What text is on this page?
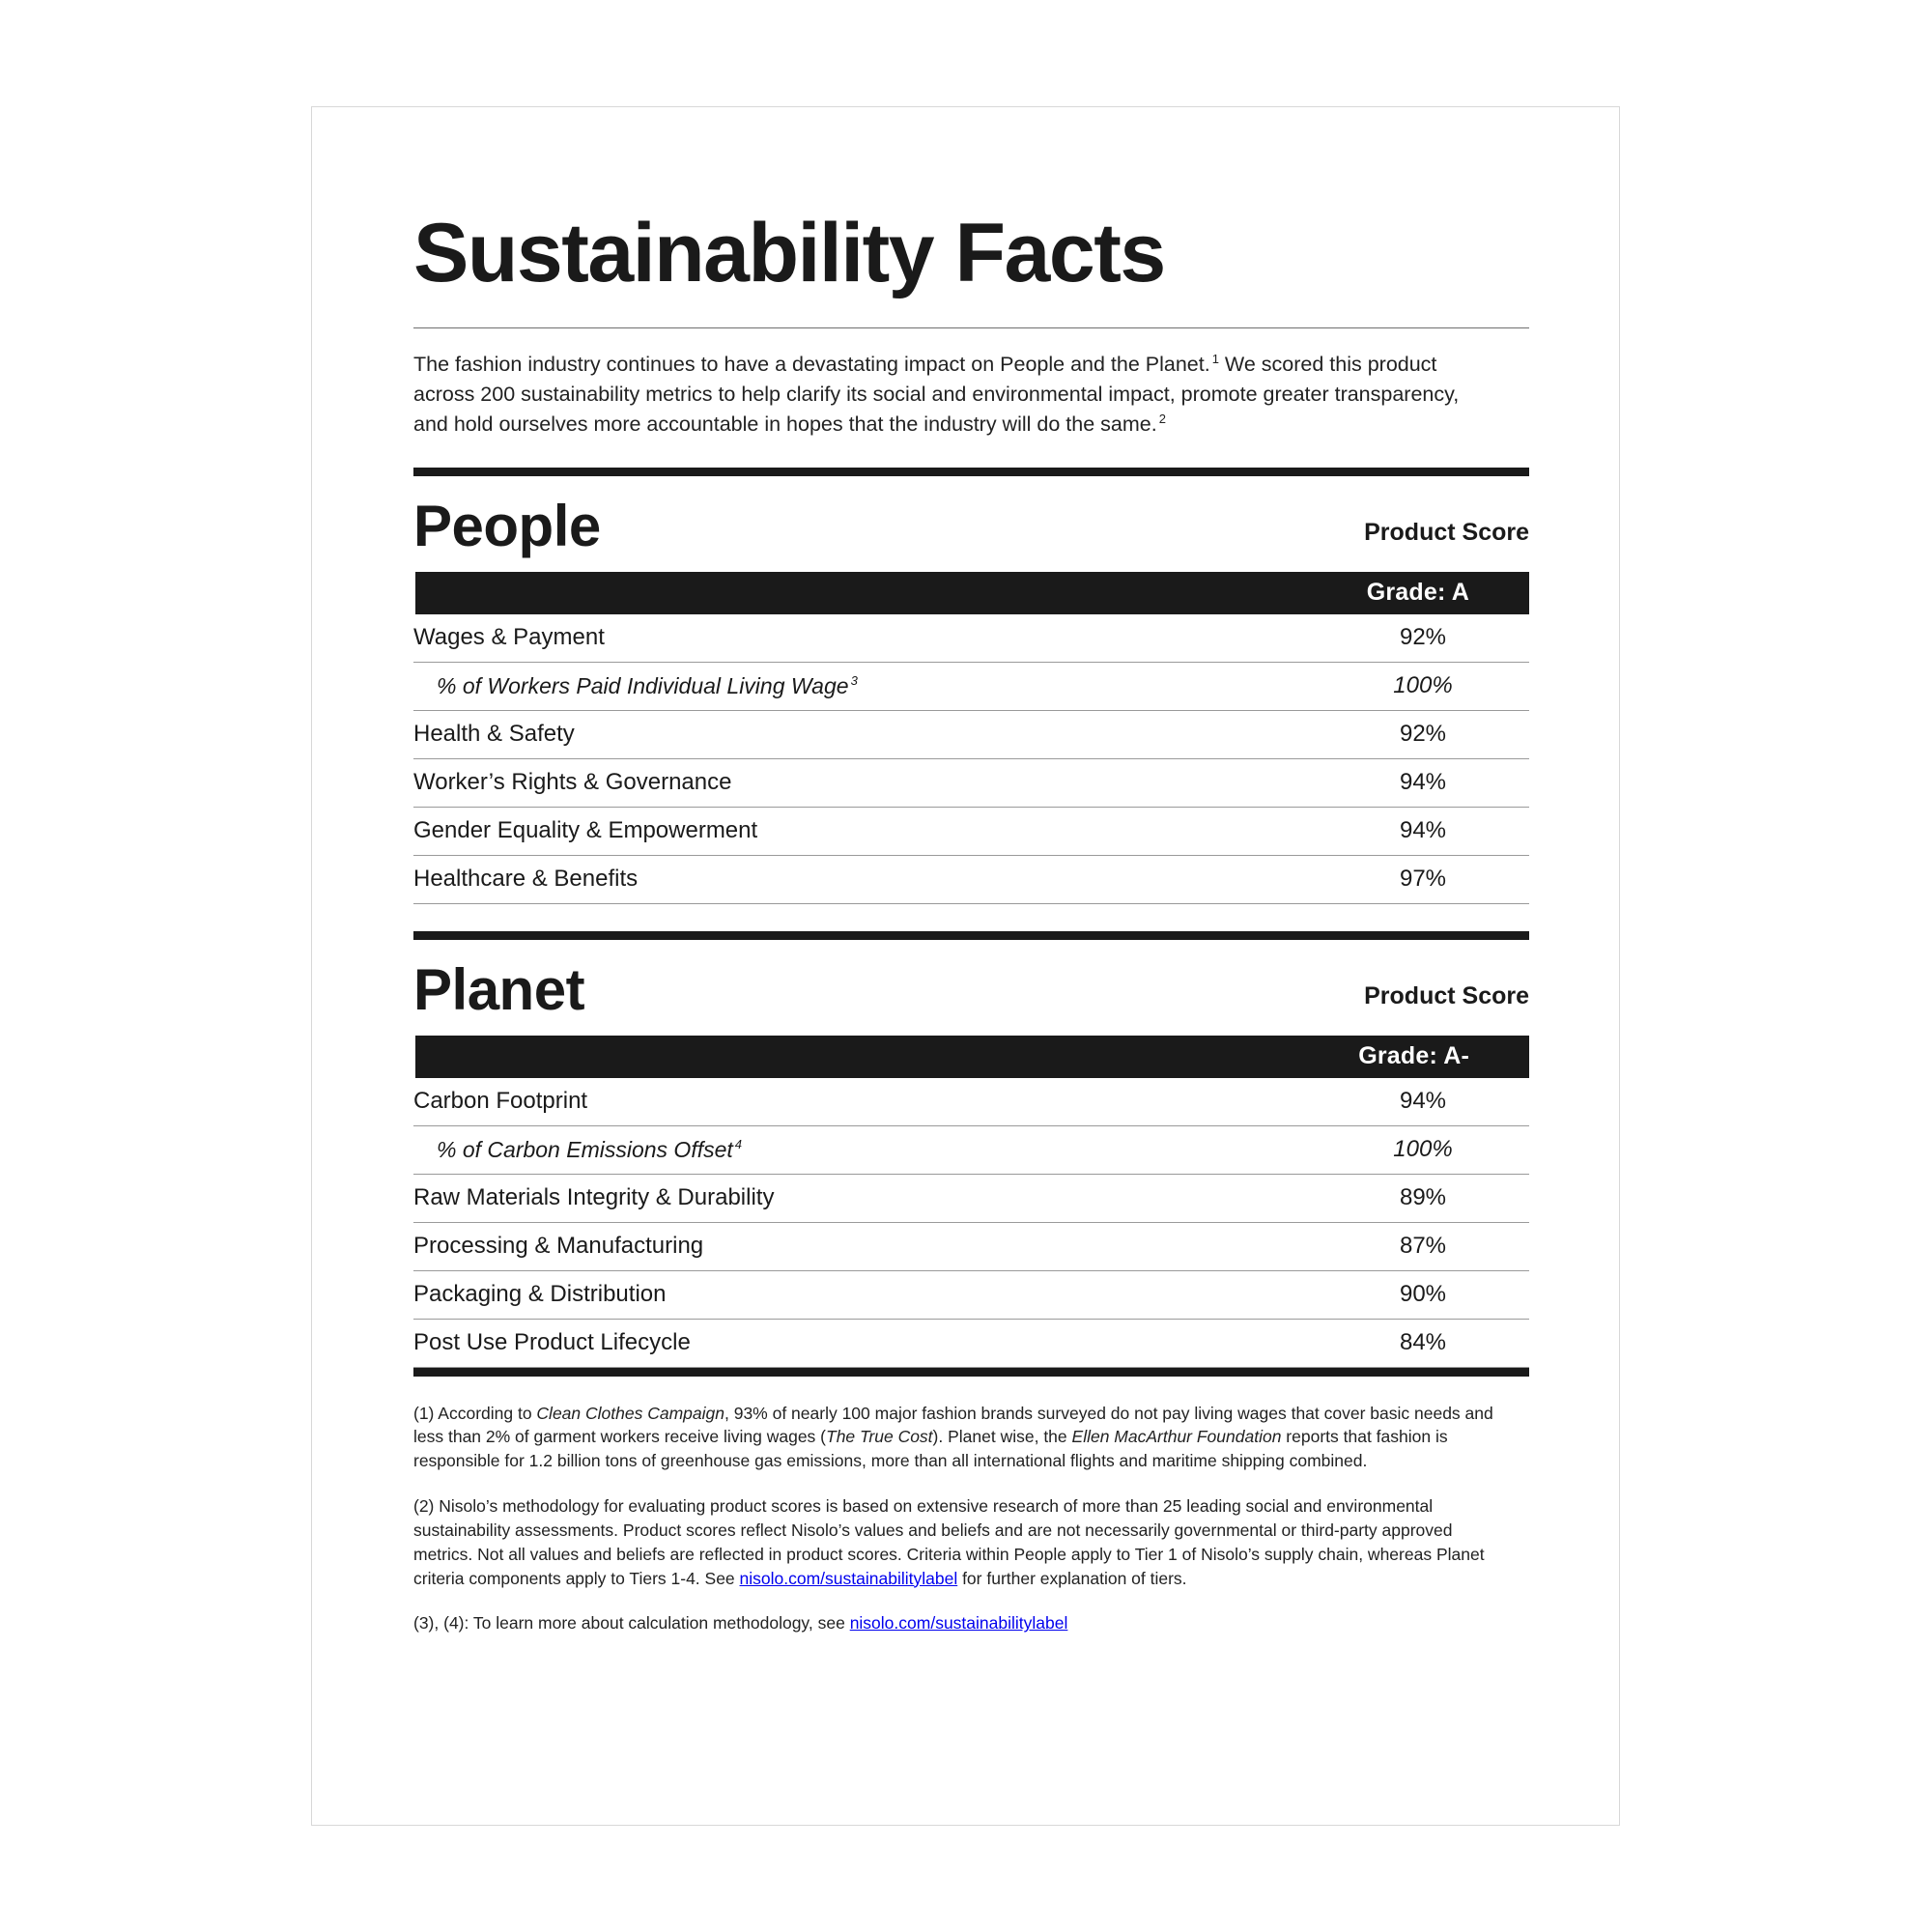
Sustainability Facts

The fashion industry continues to have a devastating impact on People and the Planet. $^1$ We scored this product across 200 sustainability metrics to help clarify its social and environmental impact, promote greater transparency, and hold ourselves more accountable in hopes that the industry will do the same. $^2$

People	Product Score
Grade: A
Wages & Payment	92%
% of Workers Paid Individual Living Wage $^3$	100%
Health & Safety	92%
Worker’s Rights & Governance	94%
Gender Equality & Empowerment	94%
Healthcare & Benefits	97%
Planet	Product Score
Grade: A-
Carbon Footprint	94%
% of Carbon Emissions Offset $^4$	100%
Raw Materials Integrity & Durability	89%
Processing & Manufacturing	87%
Packaging & Distribution	90%
Post Use Product Lifecycle	84%

(1) According to Clean Clothes Campaign, 93% of nearly 100 major fashion brands surveyed do not pay living wages that cover basic needs and less than 2% of garment workers receive living wages (The True Cost). Planet wise, the Ellen MacArthur Foundation reports that fashion is responsible for 1.2 billion tons of greenhouse gas emissions, more than all international flights and maritime shipping combined.

(2) Nisolo’s methodology for evaluating product scores is based on extensive research of more than 25 leading social and environmental sustainability assessments. Product scores reflect Nisolo’s values and beliefs and are not necessarily governmental or third-party approved metrics. Not all values and beliefs are reflected in product scores. Criteria within People apply to Tier 1 of Nisolo’s supply chain, whereas Planet criteria components apply to Tiers 1-4. See nisolo.com/sustainabilitylabel for further explanation of tiers.

(3), (4): To learn more about calculation methodology, see nisolo.com/sustainabilitylabel
